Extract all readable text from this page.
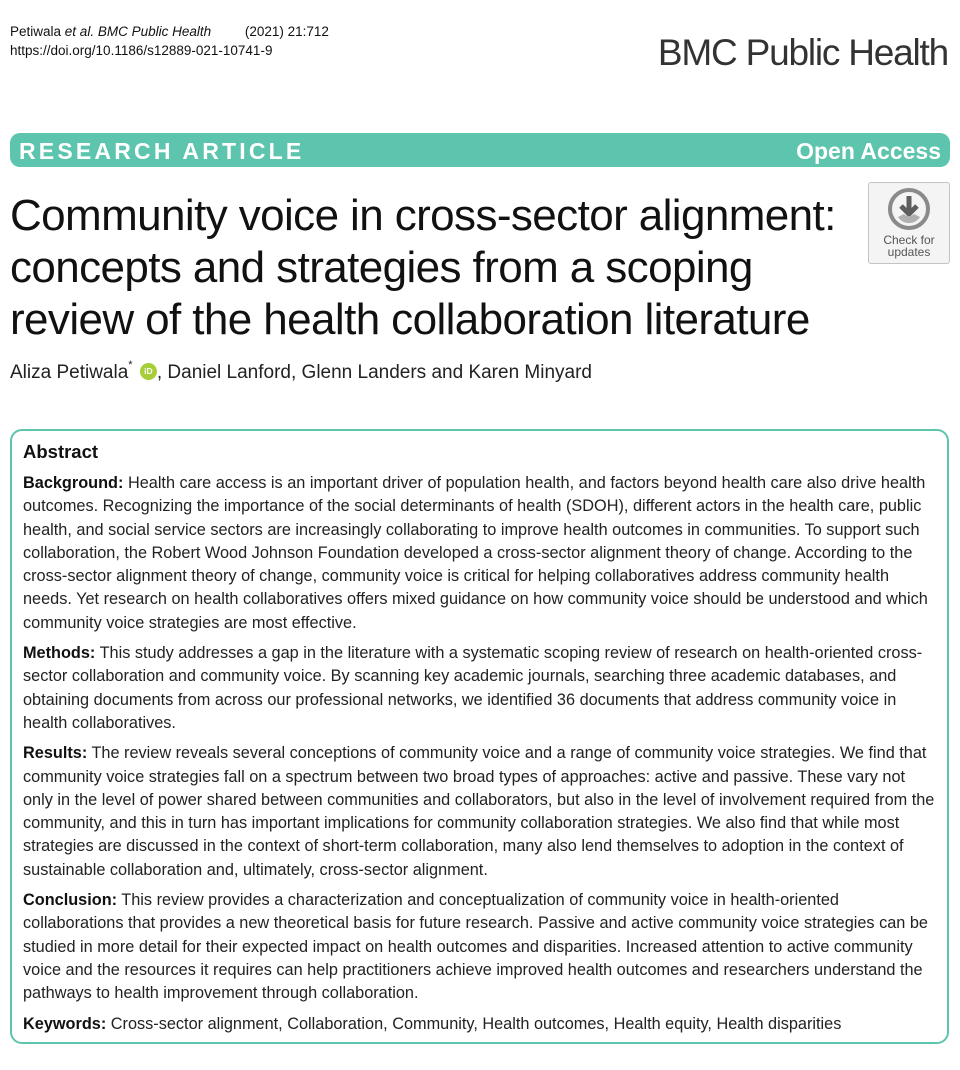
Petiwala et al. BMC Public Health	(2021) 21:712
https://doi.org/10.1186/s12889-021-10741-9	BMC Public Health
RESEARCH ARTICLE	Open Access
Community voice in cross-sector alignment: concepts and strategies from a scoping review of the health collaboration literature
Check for
updates
Aliza Petiwala*	iD , Daniel Lanford, Glenn Landers and Karen Minyard
Abstract

Background: Health care access is an important driver of population health, and factors beyond health care also drive health outcomes. Recognizing the importance of the social determinants of health (SDOH), different actors in the health care, public health, and social service sectors are increasingly collaborating to improve health outcomes in communities. To support such collaboration, the Robert Wood Johnson Foundation developed a cross-sector alignment theory of change. According to the cross-sector alignment theory of change, community voice is critical for helping collaboratives address community health needs. Yet research on health collaboratives offers mixed guidance on how community voice should be understood and which community voice strategies are most effective.

Methods: This study addresses a gap in the literature with a systematic scoping review of research on health-oriented cross-sector collaboration and community voice. By scanning key academic journals, searching three academic databases, and obtaining documents from across our professional networks, we identified 36 documents that address community voice in health collaboratives.

Results: The review reveals several conceptions of community voice and a range of community voice strategies. We find that community voice strategies fall on a spectrum between two broad types of approaches: active and passive. These vary not only in the level of power shared between communities and collaborators, but also in the level of involvement required from the community, and this in turn has important implications for community collaboration strategies. We also find that while most strategies are discussed in the context of short-term collaboration, many also lend themselves to adoption in the context of sustainable collaboration and, ultimately, cross-sector alignment.

Conclusion: This review provides a characterization and conceptualization of community voice in health-oriented collaborations that provides a new theoretical basis for future research. Passive and active community voice strategies can be studied in more detail for their expected impact on health outcomes and disparities. Increased attention to active community voice and the resources it requires can help practitioners achieve improved health outcomes and researchers understand the pathways to health improvement through collaboration.

Keywords: Cross-sector alignment, Collaboration, Community, Health outcomes, Health equity, Health disparities
